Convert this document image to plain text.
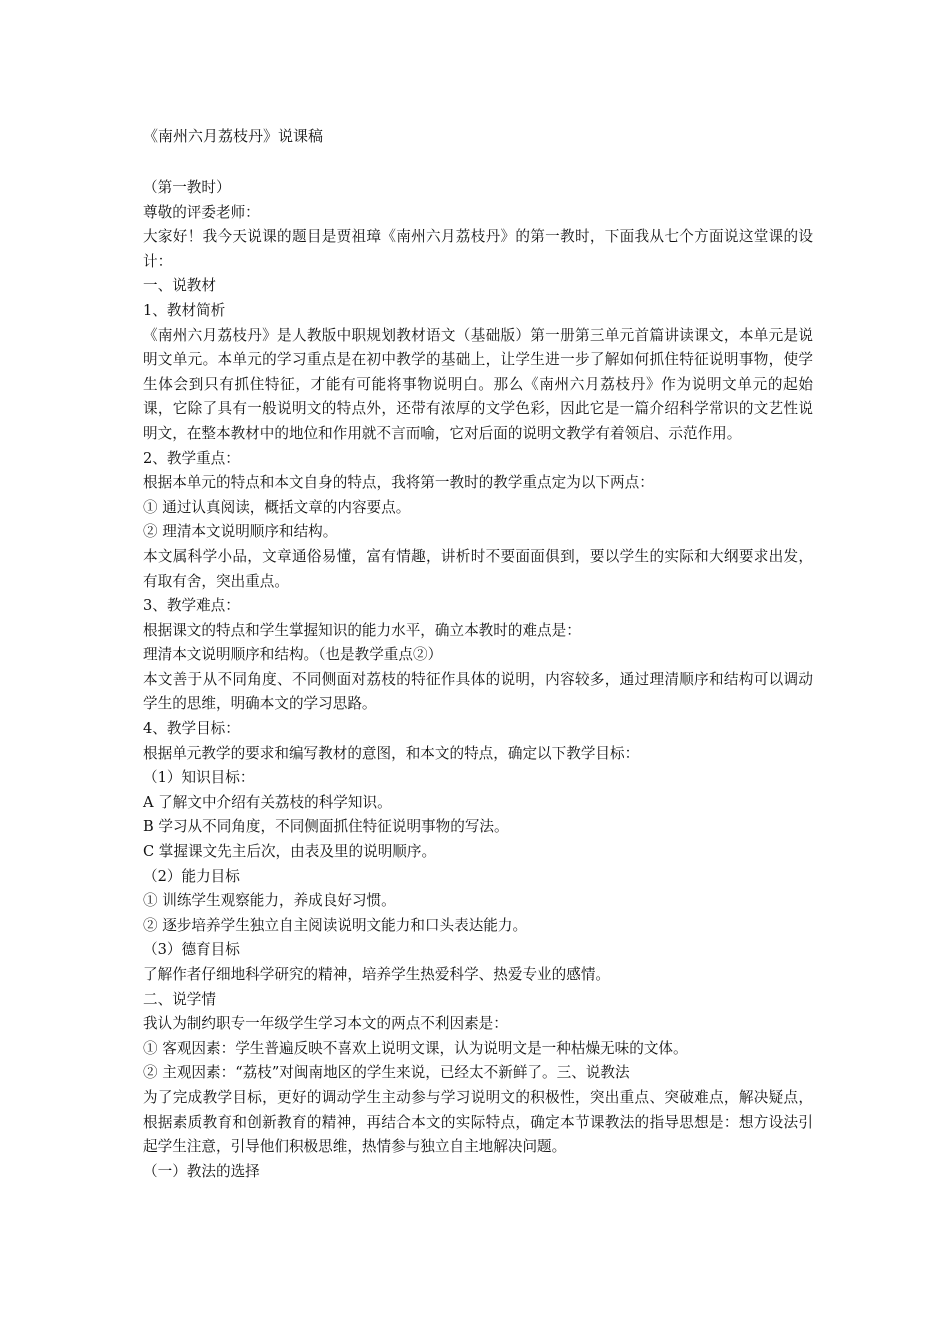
《南州六月荔枝丹》说课稿

（第一教时）

尊敬的评委老师：

大家好！我今天说课的题目是贾祖璋《南州六月荔枝丹》的第一教时，下面我从七个方面说这堂课的设计：

一、说教材

1、教材简析

《南州六月荔枝丹》是人教版中职规划教材语文（基础版）第一册第三单元首篇讲读课文，本单元是说明文单元。本单元的学习重点是在初中教学的基础上，让学生进一步了解如何抓住特征说明事物，使学生体会到只有抓住特征，才能有可能将事物说明白。那么《南州六月荔枝丹》作为说明文单元的起始课，它除了具有一般说明文的特点外，还带有浓厚的文学色彩，因此它是一篇介绍科学常识的文艺性说明文，在整本教材中的地位和作用就不言而喻，它对后面的说明文教学有着领启、示范作用。

2、教学重点：

根据本单元的特点和本文自身的特点，我将第一教时的教学重点定为以下两点：

① 通过认真阅读，概括文章的内容要点。

② 理清本文说明顺序和结构。

本文属科学小品，文章通俗易懂，富有情趣，讲析时不要面面俱到，要以学生的实际和大纲要求出发，有取有舍，突出重点。

3、教学难点：

根据课文的特点和学生掌握知识的能力水平，确立本教时的难点是：

理清本文说明顺序和结构。（也是教学重点②）

本文善于从不同角度、不同侧面对荔枝的特征作具体的说明，内容较多，通过理清顺序和结构可以调动学生的思维，明确本文的学习思路。

4、教学目标：

根据单元教学的要求和编写教材的意图，和本文的特点，确定以下教学目标：

（1）知识目标：

A 了解文中介绍有关荔枝的科学知识。

B 学习从不同角度，不同侧面抓住特征说明事物的写法。

C 掌握课文先主后次，由表及里的说明顺序。

（2）能力目标

① 训练学生观察能力，养成良好习惯。

② 逐步培养学生独立自主阅读说明文能力和口头表达能力。

（3）德育目标

了解作者仔细地科学研究的精神，培养学生热爱科学、热爱专业的感情。

二、说学情

我认为制约职专一年级学生学习本文的两点不利因素是：

① 客观因素：学生普遍反映不喜欢上说明文课，认为说明文是一种枯燥无味的文体。

② 主观因素：“荔枝”对闽南地区的学生来说，已经太不新鲜了。三、说教法

为了完成教学目标，更好的调动学生主动参与学习说明文的积极性，突出重点、突破难点，解决疑点，根据素质教育和创新教育的精神，再结合本文的实际特点，确定本节课教法的指导思想是：想方设法引起学生注意，引导他们积极思维，热情参与独立自主地解决问题。

（一）教法的选择
